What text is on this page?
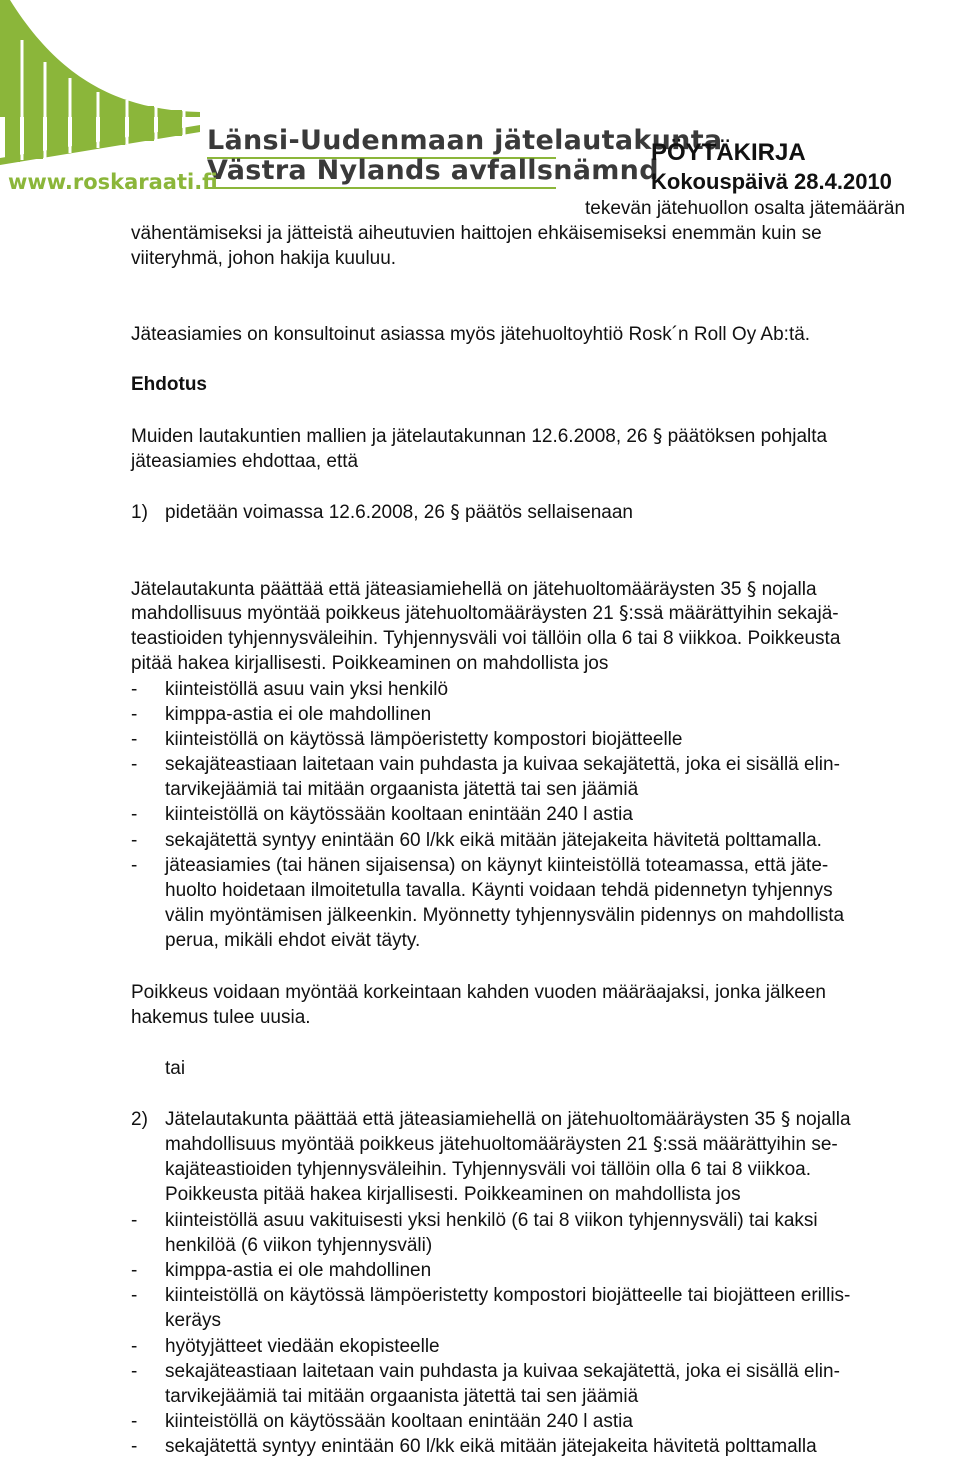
Länsi-Uudenmaan jätelautakunta
Västra Nylands avfallsnämnd
www.roskaraati.fi
PÖYTÄKIRJA
Kokouspäivä 28.4.2010
tekevän jätehuollon osalta jätemäärän
vähentämiseksi ja jätteistä aiheutuvien haittojen ehkäisemiseksi enemmän kuin se
viiteryhmä, johon hakija kuuluu.
Jäteasiamies on konsultoinut asiassa myös jätehuoltoyhtiö Rosk´n Roll Oy Ab:tä.
Ehdotus
Muiden lautakuntien mallien ja jätelautakunnan 12.6.2008, 26 § päätöksen pohjalta
jäteasiamies ehdottaa, että
1) pidetään voimassa 12.6.2008, 26 § päätös sellaisenaan
Jätelautakunta päättää että jäteasiamiehellä on jätehuoltomääräysten 35 § nojalla
mahdollisuus myöntää poikkeus jätehuoltomääräysten 21 §:ssä määrättyihin sekajä-
teastioiden tyhjennysväleihin. Tyhjennysväli voi tällöin olla 6 tai 8 viikkoa. Poikkeusta
pitää hakea kirjallisesti. Poikkeaminen on mahdollista jos
- kiinteistöllä asuu vain yksi henkilö
- kimppa-astia ei ole mahdollinen
- kiinteistöllä on käytössä lämpöeristetty kompostori biojätteelle
- sekajäteastiaan laitetaan vain puhdasta ja kuivaa sekajätettä, joka ei sisällä elin-
tarvikejäämiä tai mitään orgaanista jätettä tai sen jäämiä
- kiinteistöllä on käytössään kooltaan enintään 240 l astia
- sekajätettä syntyy enintään 60 l/kk eikä mitään jätejakeita hävitetä polttamalla.
- jäteasiamies (tai hänen sijaisensa) on käynyt kiinteistöllä toteamassa, että jäte-
huolto hoidetaan ilmoitetulla tavalla. Käynti voidaan tehdä pidennetyn tyhjennys
välin myöntämisen jälkeenkin. Myönnetty tyhjennysvälin pidennys on mahdollista
perua, mikäli ehdot eivät täyty.
Poikkeus voidaan myöntää korkeintaan kahden vuoden määräajaksi, jonka jälkeen
hakemus tulee uusia.
tai
2) Jätelautakunta päättää että jäteasiamiehellä on jätehuoltomääräysten 35 § nojalla
mahdollisuus myöntää poikkeus jätehuoltomääräysten 21 §:ssä määrättyihin se-
kajäteastioiden tyhjennysväleihin. Tyhjennysväli voi tällöin olla 6 tai 8 viikkoa.
Poikkeusta pitää hakea kirjallisesti. Poikkeaminen on mahdollista jos
- kiinteistöllä asuu vakituisesti yksi henkilö (6 tai 8 viikon tyhjennysväli) tai kaksi
henkilöä (6 viikon tyhjennysväli)
- kimppa-astia ei ole mahdollinen
- kiinteistöllä on käytössä lämpöeristetty kompostori biojätteelle tai biojätteen erillis-
keräys
- hyötyjätteet viedään ekopisteelle
- sekajäteastiaan laitetaan vain puhdasta ja kuivaa sekajätettä, joka ei sisällä elin-
tarvikejäämiä tai mitään orgaanista jätettä tai sen jäämiä
- kiinteistöllä on käytössään kooltaan enintään 240 l astia
- sekajätettä syntyy enintään 60 l/kk eikä mitään jätejakeita hävitetä polttamalla
